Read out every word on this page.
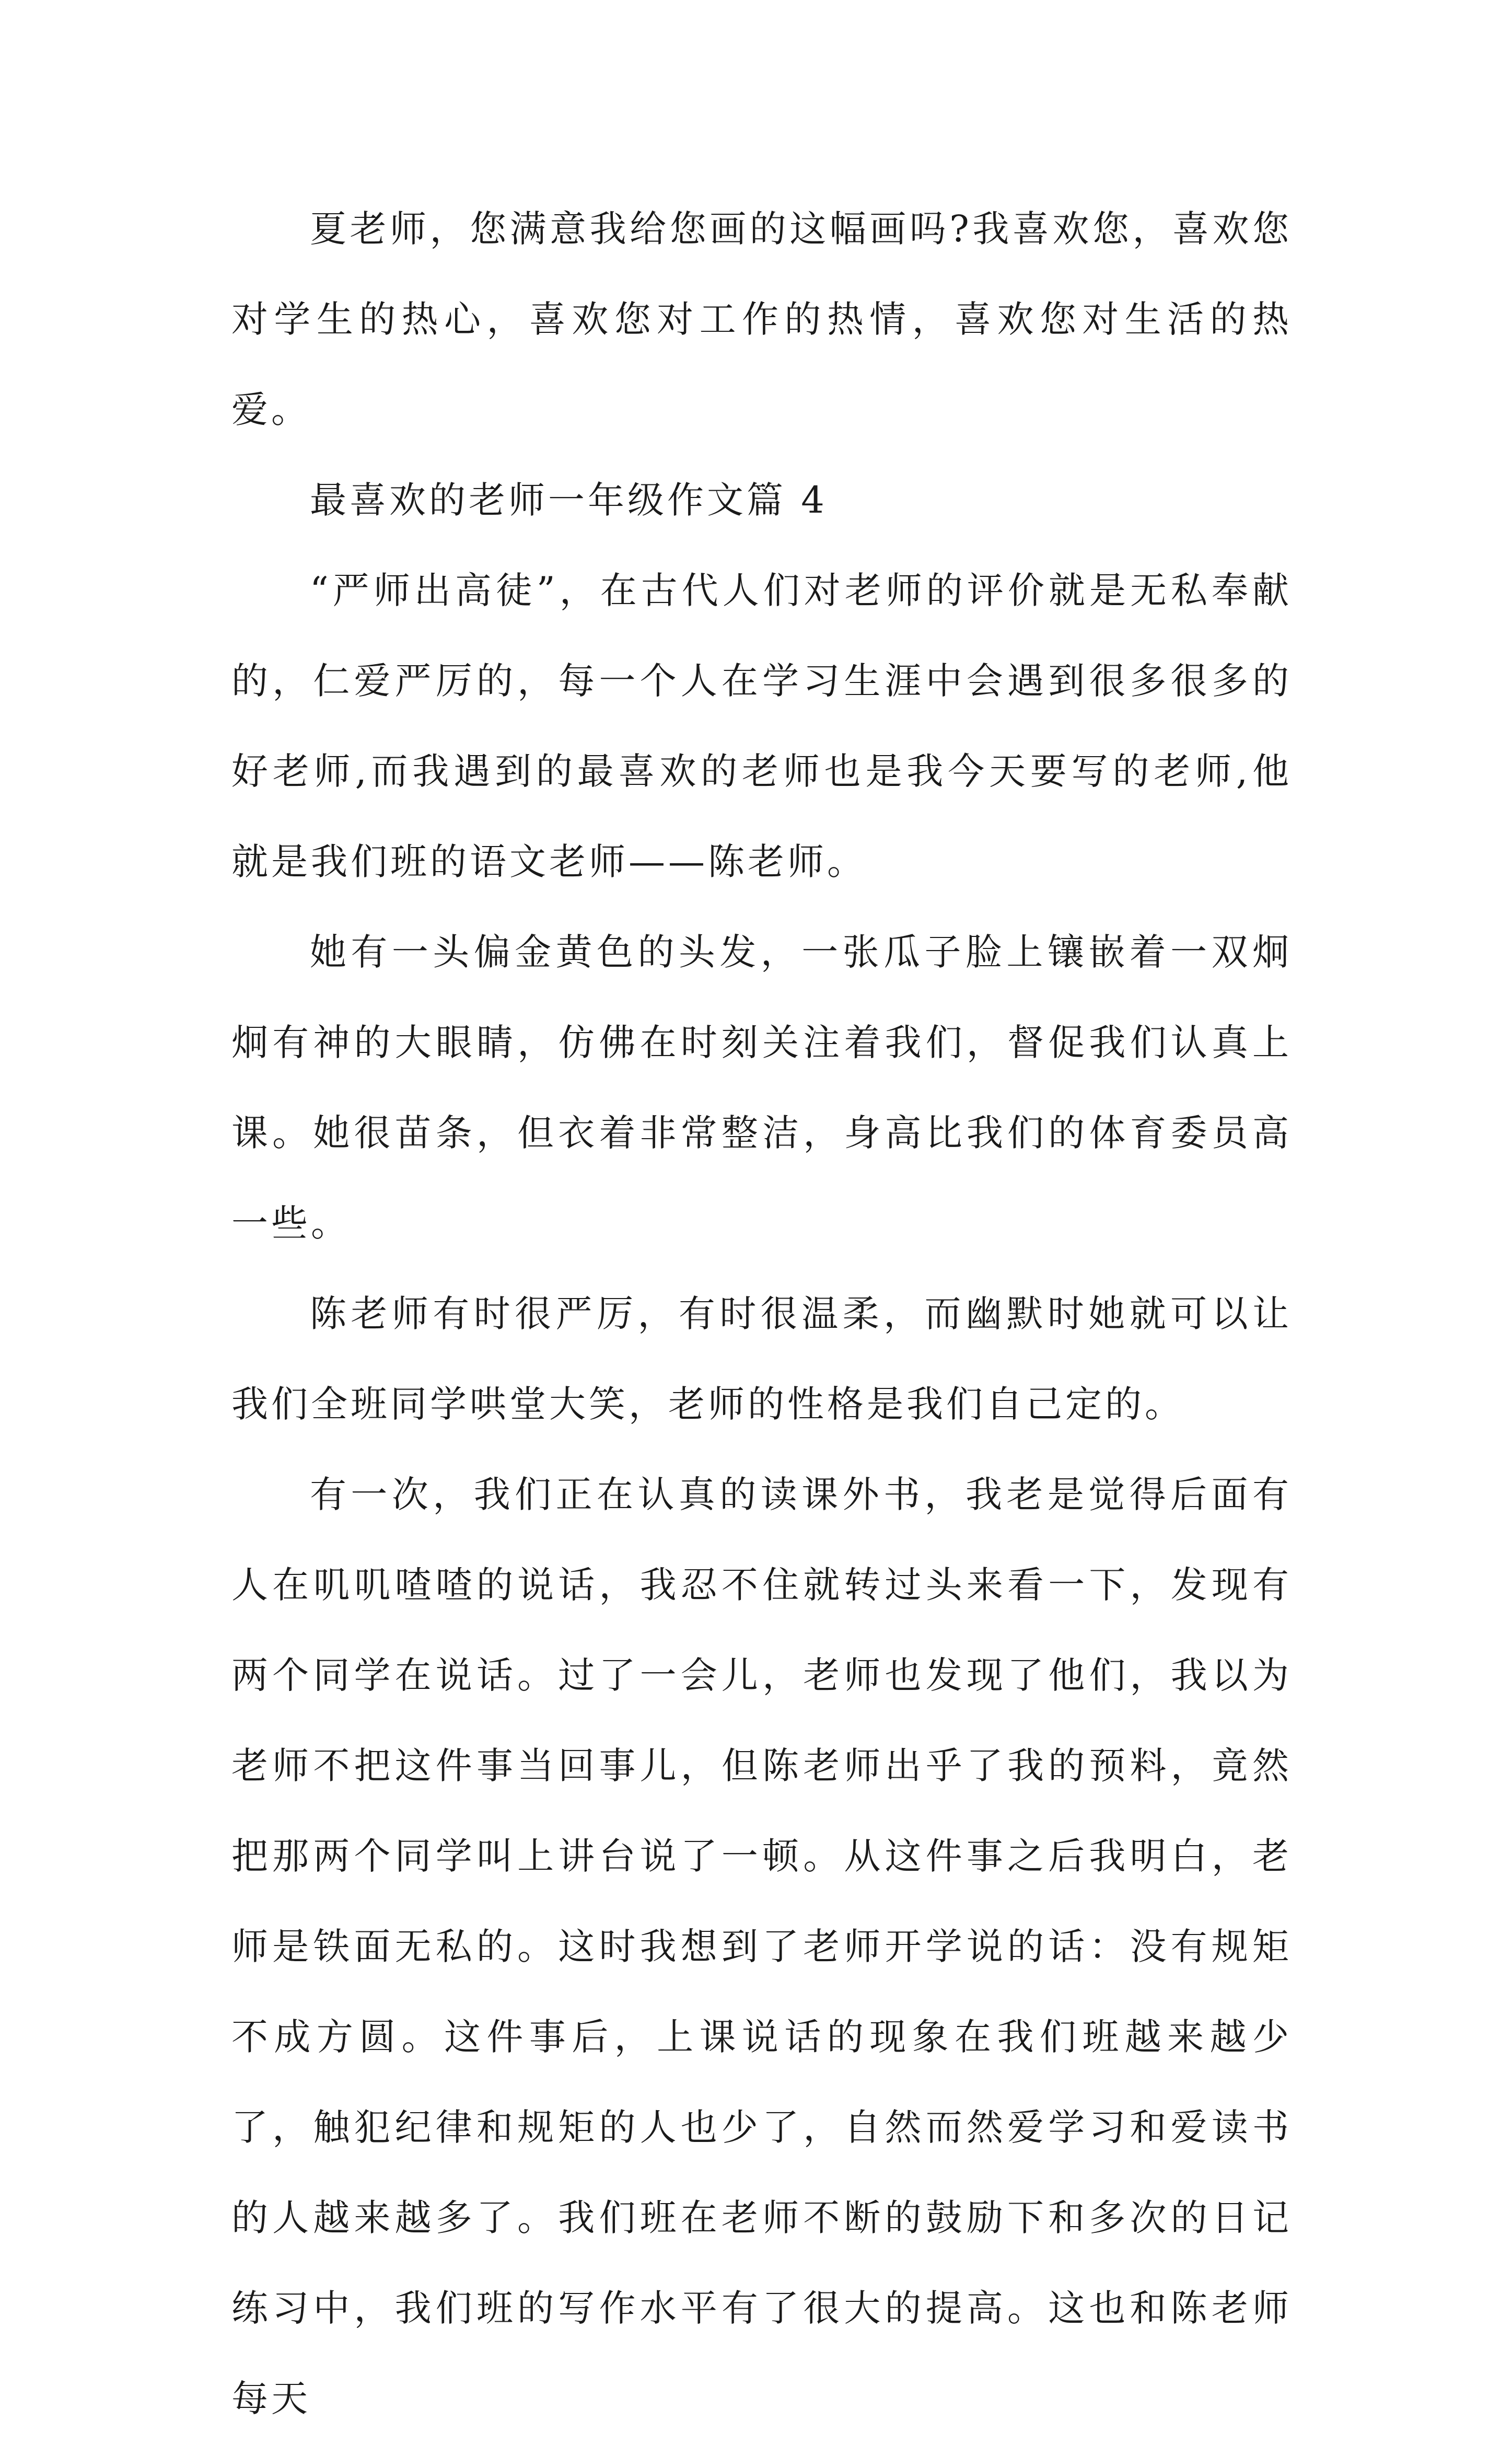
夏老师，您满意我给您画的这幅画吗?我喜欢您，喜欢您对学生的热心，喜欢您对工作的热情，喜欢您对生活的热爱。

最喜欢的老师一年级作文篇 4

“严师出高徒”，在古代人们对老师的评价就是无私奉献的，仁爱严厉的，每一个人在学习生涯中会遇到很多很多的好老师,而我遇到的最喜欢的老师也是我今天要写的老师,他就是我们班的语文老师——陈老师。

她有一头偏金黄色的头发，一张瓜子脸上镶嵌着一双炯炯有神的大眼睛，仿佛在时刻关注着我们，督促我们认真上课。她很苗条，但衣着非常整洁，身高比我们的体育委员高一些。

陈老师有时很严厉，有时很温柔，而幽默时她就可以让我们全班同学哄堂大笑，老师的性格是我们自己定的。

有一次，我们正在认真的读课外书，我老是觉得后面有人在叽叽喳喳的说话，我忍不住就转过头来看一下，发现有两个同学在说话。过了一会儿，老师也发现了他们，我以为老师不把这件事当回事儿，但陈老师出乎了我的预料，竟然把那两个同学叫上讲台说了一顿。从这件事之后我明白，老师是铁面无私的。这时我想到了老师开学说的话：没有规矩不成方圆。这件事后，上课说话的现象在我们班越来越少了，触犯纪律和规矩的人也少了，自然而然爱学习和爱读书的人越来越多了。我们班在老师不断的鼓励下和多次的日记练习中，我们班的写作水平有了很大的提高。这也和陈老师每天
